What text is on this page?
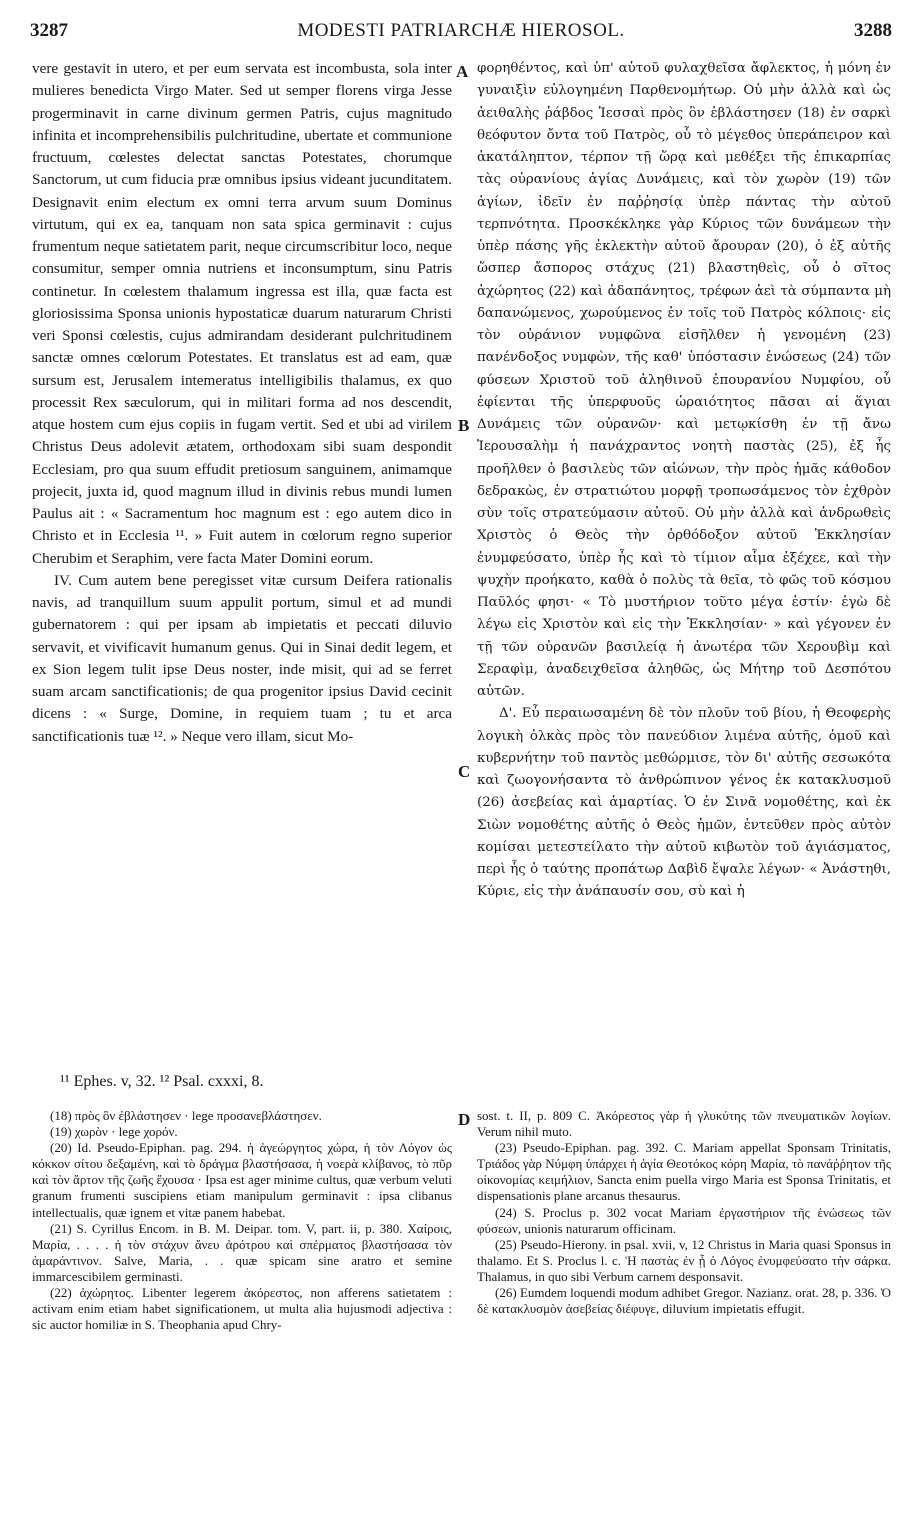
3287	MODESTI PATRIARCHÆ HIEROSOL.	3288

vere gestavit in utero, et per eum servata est incombusta, sola inter mulieres benedicta Virgo Mater. Sed ut semper florens virga Jesse progerminavit in carne divinum germen Patris, cujus magnitudo infinita et incomprehensibilis pulchritudine, ubertate et communione fructuum, cœlestes delectat sanctas Potestates, chorumque Sanctorum, ut cum fiducia præ omnibus ipsius videant jucunditatem. Designavit enim electum ex omni terra arvum suum Dominus virtutum, qui ex ea, tanquam non sata spica germinavit : cujus frumentum neque satietatem parit, neque circumscribitur loco, neque consumitur, semper omnia nutriens et inconsumptum, sinu Patris continetur. In cœlestem thalamum ingressa est illa, quæ facta est gloriosissima Sponsa unionis hypostaticæ duarum naturarum Christi veri Sponsi cœlestis, cujus admirandam desiderant pulchritudinem sanctæ omnes cœlorum Potestates. Et translatus est ad eam, quæ sursum est, Jerusalem intemeratus intelligibilis thalamus, ex quo processit Rex sæculorum, qui in militari forma ad nos descendit, atque hostem cum ejus copiis in fugam vertit. Sed et ubi ad virilem Christus Deus adolevit ætatem, orthodoxam sibi suam despondit Ecclesiam, pro qua suum effudit pretiosum sanguinem, animamque projecit, juxta id, quod magnum illud in divinis rebus mundi lumen Paulus ait : « Sacramentum hoc magnum est : ego autem dico in Christo et in Ecclesia ¹¹. » Fuit autem in cœlorum regno superior Cherubim et Seraphim, vere facta Mater Domini eorum.

IV. Cum autem bene peregisset vitæ cursum Deifera rationalis navis, ad tranquillum suum appulit portum, simul et ad mundi gubernatorem : qui per ipsam ab impietatis et peccati diluvio servavit, et vivificavit humanum genus. Qui in Sinai dedit legem, et ex Sion legem tulit ipse Deus noster, inde misit, qui ad se ferret suam arcam sanctificationis; de qua progenitor ipsius David cecinit dicens : « Surge, Domine, in requiem tuam ; tu et arca sanctificationis tuæ ¹². » Neque vero illam, sicut Mo-

A
B
C
D

φορηθέντος, καὶ ὑπ' αὐτοῦ φυλαχθεῖσα ἄφλεκτος, ἡ μόνη ἐν γυναιξὶν εὐλογημένη Παρθενομήτωρ. Οὐ μὴν ἀλλὰ καὶ ὡς ἀειθαλὴς ῥάβδος Ἰεσσαὶ πρὸς ὃν ἐβλάστησεν (18) ἐν σαρκὶ θεόφυτον ὄντα τοῦ Πατρὸς, οὗ τὸ μέγεθος ὑπεράπειρον καὶ ἀκατάληπτον, τέρπον τῇ ὥρᾳ καὶ μεθέξει τῆς ἐπικαρπίας τὰς οὐρανίους ἁγίας Δυνάμεις, καὶ τὸν χωρὸν (19) τῶν ἁγίων, ἰδεῖν ἐν παῤῥησίᾳ ὑπὲρ πάντας τὴν αὐτοῦ τερπνότητα. Προσκέκληκε γὰρ Κύριος τῶν δυνάμεων τὴν ὑπὲρ πάσης γῆς ἐκλεκτὴν αὐτοῦ ἄρουραν (20), ὁ ἐξ αὐτῆς ὥσπερ ἄσπορος στάχυς (21) βλαστηθεὶς, οὗ ὁ σῖτος ἀχώρητος (22) καὶ ἀδαπάνητος, τρέφων ἀεὶ τὰ σύμπαντα μὴ δαπανώμενος, χωρούμενος ἐν τοῖς τοῦ Πατρὸς κόλποις· εἰς τὸν οὐράνιον νυμφῶνα εἰσῆλθεν ἡ γενομένη (23) πανένδοξος νυμφὼν, τῆς καθ' ὑπόστασιν ἑνώσεως (24) τῶν φύσεων Χριστοῦ τοῦ ἀληθινοῦ ἐπουρανίου Νυμφίου, οὗ ἐφίενται τῆς ὑπερφυοῦς ὡραιότητος πᾶσαι αἱ ἅγιαι Δυνάμεις τῶν οὐρανῶν· καὶ μετῳκίσθη ἐν τῇ ἄνω Ἱερουσαλὴμ ἡ πανάχραντος νοητὴ παστὰς (25), ἐξ ἧς προῆλθεν ὁ βασιλεὺς τῶν αἰώνων, τὴν πρὸς ἡμᾶς κάθοδον δεδρακὼς, ἐν στρατιώτου μορφῇ τροπωσάμενος τὸν ἐχθρὸν σὺν τοῖς στρατεύμασιν αὐτοῦ. Οὐ μὴν ἀλλὰ καὶ ἀνδρωθεὶς Χριστὸς ὁ Θεὸς τὴν ὀρθόδοξον αὐτοῦ Ἐκκλησίαν ἐνυμφεύσατο, ὑπὲρ ἧς καὶ τὸ τίμιον αἷμα ἐξέχεε, καὶ τὴν ψυχὴν προήκατο, καθὰ ὁ πολὺς τὰ θεῖα, τὸ φῶς τοῦ κόσμου Παῦλός φησι· « Τὸ μυστήριον τοῦτο μέγα ἐστίν· ἐγὼ δὲ λέγω εἰς Χριστὸν καὶ εἰς τὴν Ἐκκλησίαν· » καὶ γέγονεν ἐν τῇ τῶν οὐρανῶν βασιλείᾳ ἡ ἀνωτέρα τῶν Χερουβὶμ καὶ Σεραφὶμ, ἀναδειχθεῖσα ἀληθῶς, ὡς Μήτηρ τοῦ Δεσπότου αὐτῶν.

Δ'. Εὖ περαιωσαμένη δὲ τὸν πλοῦν τοῦ βίου, ἡ Θεοφερὴς λογικὴ ὁλκὰς πρὸς τὸν πανεύδιον λιμένα αὐτῆς, ὁμοῦ καὶ κυβερνήτην τοῦ παντὸς μεθώρμισε, τὸν δι' αὐτῆς σεσωκότα καὶ ζωογονήσαντα τὸ ἀνθρώπινον γένος ἐκ κατακλυσμοῦ (26) ἀσεβείας καὶ ἁμαρτίας. Ὁ ἐν Σινᾶ νομοθέτης, καὶ ἐκ Σιὼν νομοθέτης αὐτῆς ὁ Θεὸς ἡμῶν, ἐντεῦθεν πρὸς αὐτὸν κομίσαι μετεστείλατο τὴν αὐτοῦ κιβωτὸν τοῦ ἁγιάσματος, περὶ ἧς ὁ ταύτης προπάτωρ Δαβὶδ ἔψαλε λέγων· « Ἀνάστηθι, Κύριε, εἰς τὴν ἀνάπαυσίν σου, σὺ καὶ ἡ

¹¹ Ephes. v, 32. ¹² Psal. cxxxi, 8.

(18) πρὸς ὃν ἐβλάστησεν · lege προσανεβλάστησεν.

(19) χωρὸν · lege χορόν.

(20) Id. Pseudo-Epiphan. pag. 294. ἡ ἀγεώργητος χώρα, ἡ τὸν Λόγον ὡς κόκκον σίτου δεξαμένη, καὶ τὸ δράγμα βλαστήσασα, ἡ νοερὰ κλίβανος, τὸ πῦρ καὶ τὸν ἄρτον τῆς ζωῆς ἔχουσα · Ipsa est ager minime cultus, quæ verbum veluti granum frumenti suscipiens etiam manipulum germinavit : ipsa clibanus intellectualis, quæ ignem et vitæ panem habebat.

(21) S. Cyrillus Encom. in B. M. Deipar. tom. V, part. ii, p. 380. Χαίροις, Μαρία, . . . . ἡ τὸν στάχυν ἄνευ ἀρότρου καὶ σπέρματος βλαστήσασα τὸν ἀμαράντινον. Salve, Maria, . . quæ spicam sine aratro et semine immarcescibilem germinasti.

(22) ἀχώρητος. Libenter legerem ἀκόρεστος, non afferens satietatem : activam enim etiam habet significationem, ut multa alia hujusmodi adjectiva : sic auctor homiliæ in S. Theophania apud Chry-

sost. t. II, p. 809 C. Ἀκόρεστος γὰρ ἡ γλυκύτης τῶν πνευματικῶν λογίων. Verum nihil muto.

(23) Pseudo-Epiphan. pag. 392. C. Mariam appellat Sponsam Trinitatis, Τριάδος γὰρ Νύμφη ὑπάρχει ἡ ἁγία Θεοτόκος κόρη Μαρία, τὸ πανάῤῥητον τῆς οἰκονομίας κειμήλιον, Sancta enim puella virgo Maria est Sponsa Trinitatis, et dispensationis plane arcanus thesaurus.

(24) S. Proclus p. 302 vocat Mariam ἐργαστήριον τῆς ἑνώσεως τῶν φύσεων, unionis naturarum officinam.

(25) Pseudo-Hierony. in psal. xvii, v, 12 Christus in Maria quasi Sponsus in thalamo. Et S. Proclus l. c. Ἡ παστὰς ἐν ᾗ ὁ Λόγος ἐνυμφεύσατο τὴν σάρκα. Thalamus, in quo sibi Verbum carnem desponsavit.

(26) Eumdem loquendi modum adhibet Gregor. Nazianz. orat. 28, p. 336. Ὁ δὲ κατακλυσμὸν ἀσεβείας διέφυγε, diluvium impietatis effugit.
